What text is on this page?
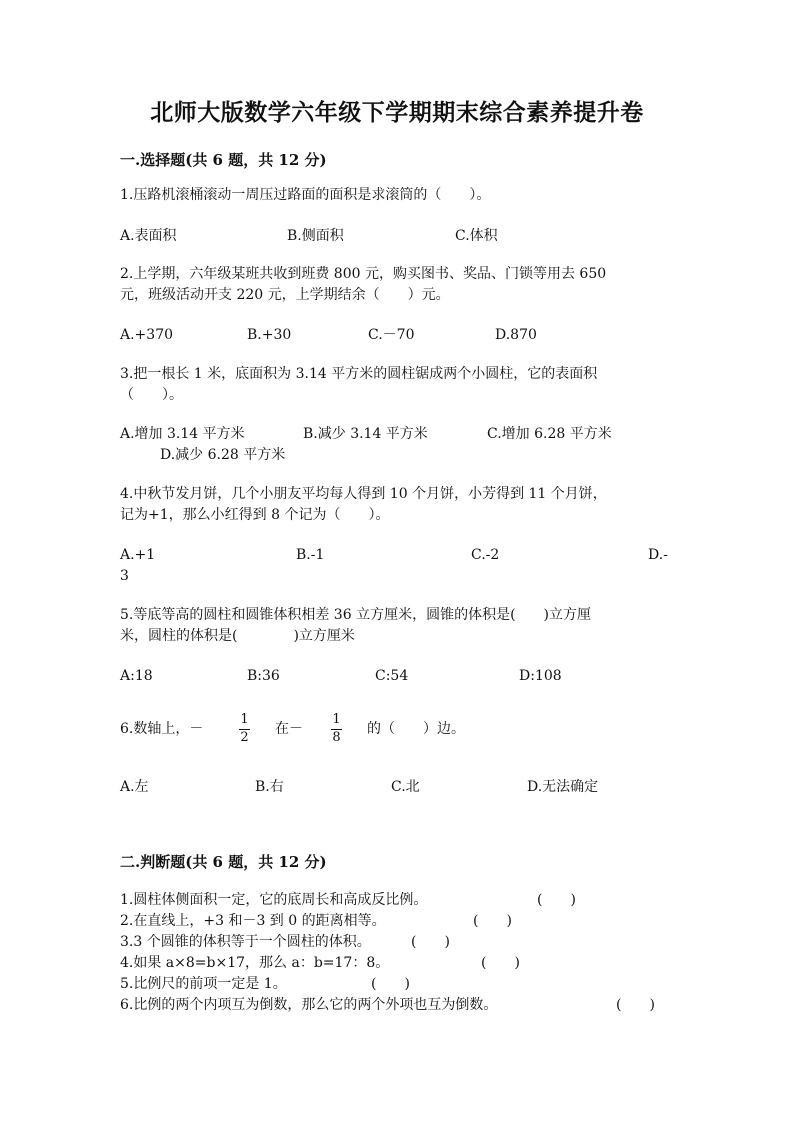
北师大版数学六年级下学期期末综合素养提升卷
一.选择题(共 6 题，共 12 分)
1.压路机滚桶滚动一周压过路面的面积是求滚筒的（　　）。
A.表面积	B.侧面积	C.体积
2.上学期，六年级某班共收到班费 800 元，购买图书、奖品、门锁等用去 650
元，班级活动开支 220 元，上学期结余（　　）元。
A.+370	B.+30	C.－70	D.870
3.把一根长 1 米，底面积为 3.14 平方米的圆柱锯成两个小圆柱，它的表面积
（　　）。
A.增加 3.14 平方米	B.减少 3.14 平方米	C.增加 6.28 平方米
D.减少 6.28 平方米
4.中秋节发月饼，几个小朋友平均每人得到 10 个月饼，小芳得到 11 个月饼，
记为+1，那么小红得到 8 个记为（　　）。
A.+1	B.-1	C.-2	D.-
3
5.等底等高的圆柱和圆锥体积相差 36 立方厘米，圆锥的体积是(　　)立方厘
米，圆柱的体积是(　　　　)立方厘米
A:18	B:36	C:54	D:108
6.数轴上，－
1
2
在－
1
8
的（　　）边。
A.左	B.右	C.北	D.无法确定
二.判断题(共 6 题，共 12 分)
1.圆柱体侧面积一定，它的底周长和高成反比例。	(　　)
2.在直线上，+3 和－3 到 0 的距离相等。	(　　)
3.3 个圆锥的体积等于一个圆柱的体积。	(　　)
4.如果 a×8=b×17，那么 a：b=17：8。	(　　)
5.比例尺的前项一定是 1。	(　　)
6.比例的两个内项互为倒数，那么它的两个外项也互为倒数。	(　　)
